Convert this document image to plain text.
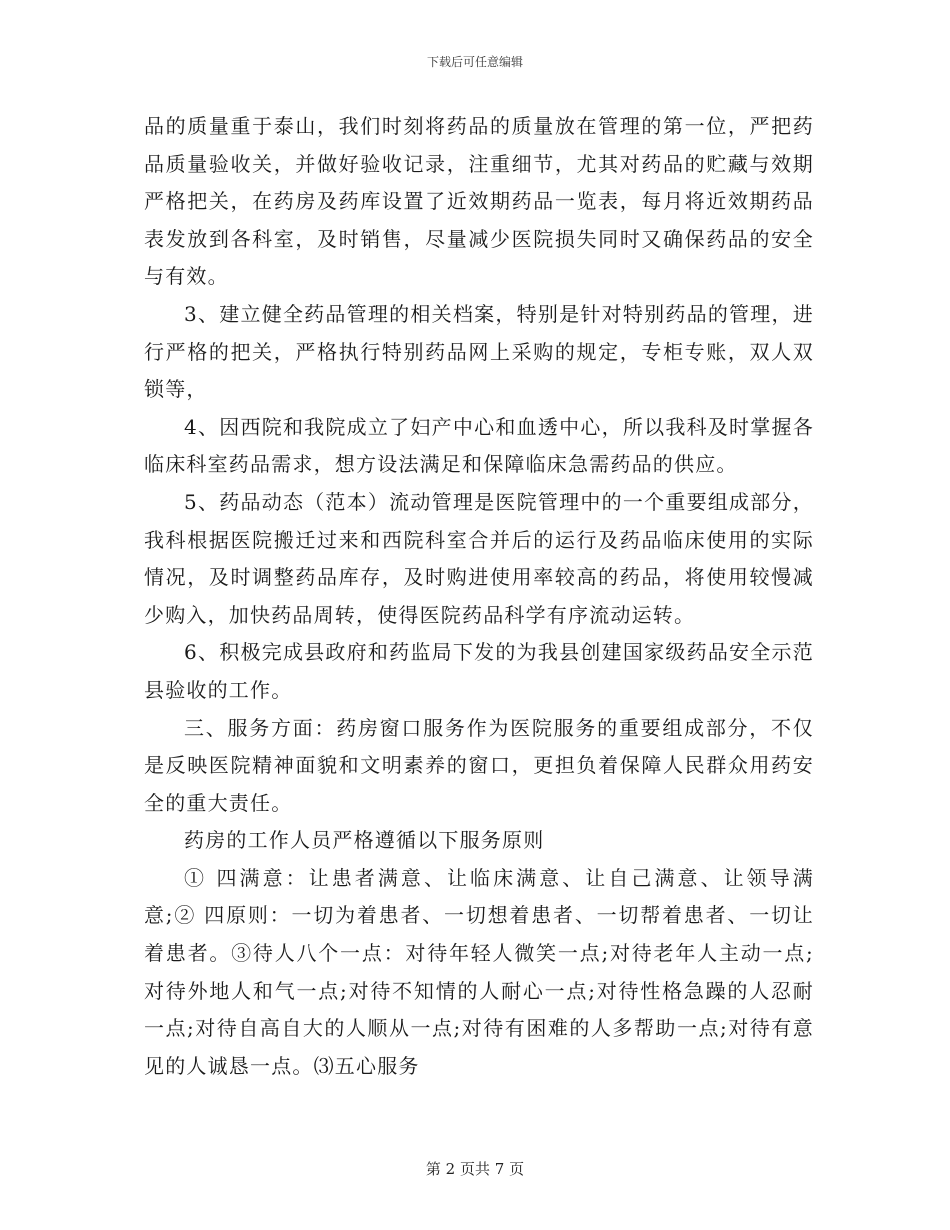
下载后可任意编辑

品的质量重于泰山，我们时刻将药品的质量放在管理的第一位，严把药品质量验收关，并做好验收记录，注重细节，尤其对药品的贮藏与效期严格把关，在药房及药库设置了近效期药品一览表，每月将近效期药品表发放到各科室，及时销售，尽量减少医院损失同时又确保药品的安全与有效。

3、建立健全药品管理的相关档案，特别是针对特别药品的管理，进行严格的把关，严格执行特别药品网上采购的规定，专柜专账，双人双锁等，

4、因西院和我院成立了妇产中心和血透中心，所以我科及时掌握各临床科室药品需求，想方设法满足和保障临床急需药品的供应。

5、药品动态（范本）流动管理是医院管理中的一个重要组成部分，我科根据医院搬迁过来和西院科室合并后的运行及药品临床使用的实际情况，及时调整药品库存，及时购进使用率较高的药品，将使用较慢减少购入，加快药品周转，使得医院药品科学有序流动运转。

6、积极完成县政府和药监局下发的为我县创建国家级药品安全示范县验收的工作。

三、服务方面：药房窗口服务作为医院服务的重要组成部分，不仅是反映医院精神面貌和文明素养的窗口，更担负着保障人民群众用药安全的重大责任。

药房的工作人员严格遵循以下服务原则

① 四满意：让患者满意、让临床满意、让自己满意、让领导满意;② 四原则：一切为着患者、一切想着患者、一切帮着患者、一切让着患者。③待人八个一点：对待年轻人微笑一点;对待老年人主动一点;对待外地人和气一点;对待不知情的人耐心一点;对待性格急躁的人忍耐一点;对待自高自大的人顺从一点;对待有困难的人多帮助一点;对待有意见的人诚恳一点。⑶五心服务

第 2 页共 7 页
